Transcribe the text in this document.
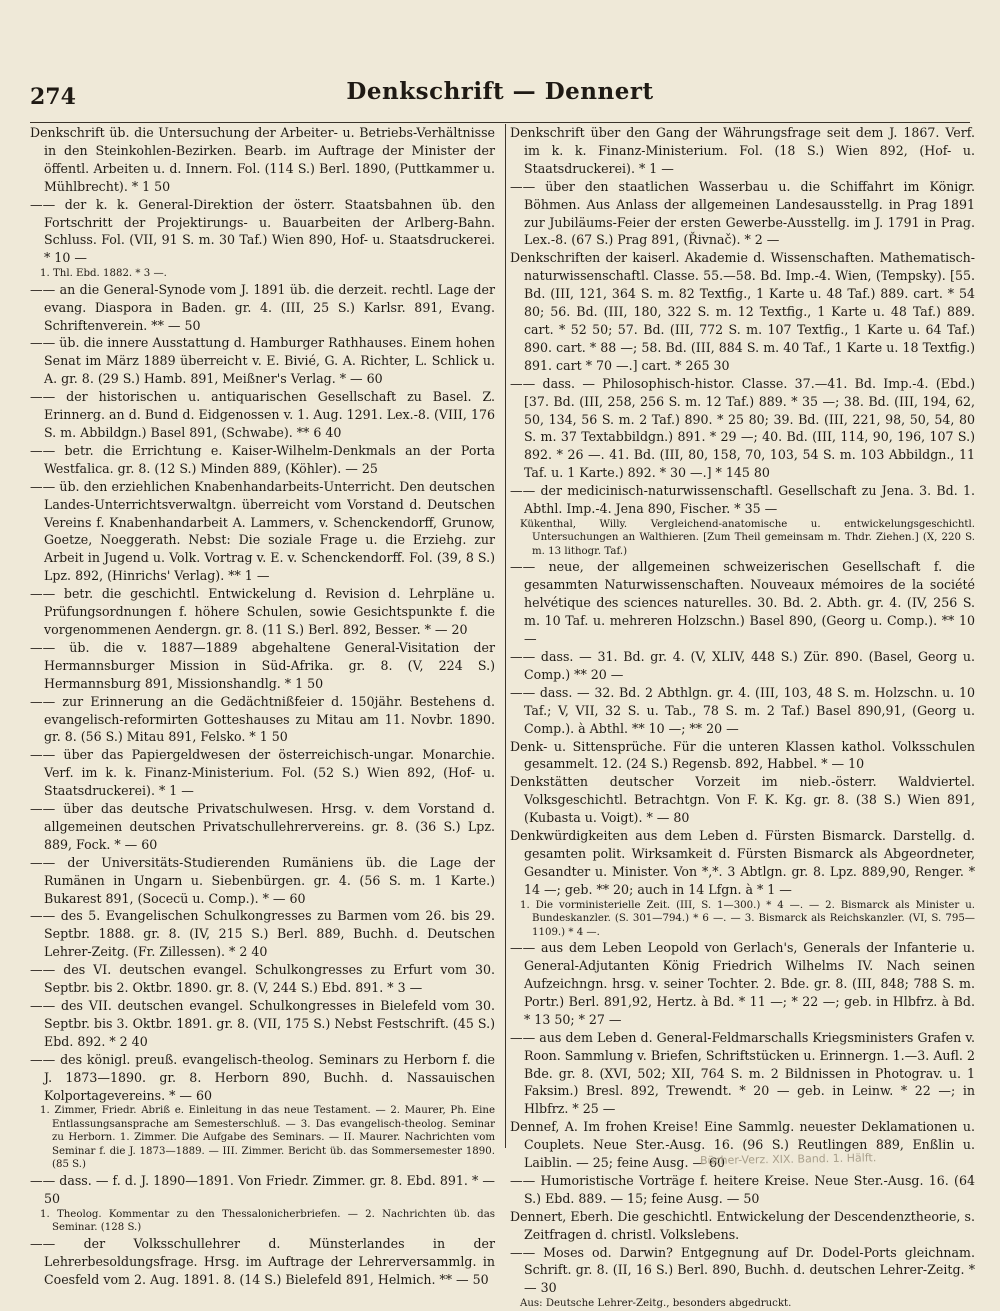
274	Denkschrift — Dennert

Denkschrift üb. die Untersuchung der Arbeiter- u. Betriebs-Verhältnisse in den Steinkohlen-Bezirken. Bearb. im Auftrage der Minister der öffentl. Arbeiten u. d. Innern. Fol. (114 S.) Berl. 1890, (Puttkammer u. Mühlbrecht). * 1 50

—— der k. k. General-Direktion der österr. Staatsbahnen üb. den Fortschritt der Projektirungs- u. Bauarbeiten der Arlberg-Bahn. Schluss. Fol. (VII, 91 S. m. 30 Taf.) Wien 890, Hof- u. Staatsdruckerei. * 10 —

1. Thl. Ebd. 1882. * 3 —.

—— an die General-Synode vom J. 1891 üb. die derzeit. rechtl. Lage der evang. Diaspora in Baden. gr. 4. (III, 25 S.) Karlsr. 891, Evang. Schriftenverein. ** — 50

—— üb. die innere Ausstattung d. Hamburger Rathhauses. Einem hohen Senat im März 1889 überreicht v. E. Bivié, G. A. Richter, L. Schlick u. A. gr. 8. (29 S.) Hamb. 891, Meißner's Verlag. * — 60

—— der historischen u. antiquarischen Gesellschaft zu Basel. Z. Erinnerg. an d. Bund d. Eidgenossen v. 1. Aug. 1291. Lex.-8. (VIII, 176 S. m. Abbildgn.) Basel 891, (Schwabe). ** 6 40

—— betr. die Errichtung e. Kaiser-Wilhelm-Denkmals an der Porta Westfalica. gr. 8. (12 S.) Minden 889, (Köhler). — 25

—— üb. den erziehlichen Knabenhandarbeits-Unterricht. Den deutschen Landes-Unterrichtsverwaltgn. überreicht vom Vorstand d. Deutschen Vereins f. Knabenhandarbeit A. Lammers, v. Schenckendorff, Grunow, Goetze, Noeggerath. Nebst: Die soziale Frage u. die Erziehg. zur Arbeit in Jugend u. Volk. Vortrag v. E. v. Schenckendorff. Fol. (39, 8 S.) Lpz. 892, (Hinrichs' Verlag). ** 1 —

—— betr. die geschichtl. Entwickelung d. Revision d. Lehrpläne u. Prüfungsordnungen f. höhere Schulen, sowie Gesichtspunkte f. die vorgenommenen Aendergn. gr. 8. (11 S.) Berl. 892, Besser. * — 20

—— üb. die v. 1887—1889 abgehaltene General-Visitation der Hermannsburger Mission in Süd-Afrika. gr. 8. (V, 224 S.) Hermannsburg 891, Missionshandlg. * 1 50

—— zur Erinnerung an die Gedächtnißfeier d. 150jähr. Bestehens d. evangelisch-reformirten Gotteshauses zu Mitau am 11. Novbr. 1890. gr. 8. (56 S.) Mitau 891, Felsko. * 1 50

—— über das Papiergeldwesen der österreichisch-ungar. Monarchie. Verf. im k. k. Finanz-Ministerium. Fol. (52 S.) Wien 892, (Hof- u. Staatsdruckerei). * 1 —

—— über das deutsche Privatschulwesen. Hrsg. v. dem Vorstand d. allgemeinen deutschen Privatschullehrervereins. gr. 8. (36 S.) Lpz. 889, Fock. * — 60

—— der Universitäts-Studierenden Rumäniens üb. die Lage der Rumänen in Ungarn u. Siebenbürgen. gr. 4. (56 S. m. 1 Karte.) Bukarest 891, (Socecü u. Comp.). * — 60

—— des 5. Evangelischen Schulkongresses zu Barmen vom 26. bis 29. Septbr. 1888. gr. 8. (IV, 215 S.) Berl. 889, Buchh. d. Deutschen Lehrer-Zeitg. (Fr. Zillessen). * 2 40

—— des VI. deutschen evangel. Schulkongresses zu Erfurt vom 30. Septbr. bis 2. Oktbr. 1890. gr. 8. (V, 244 S.) Ebd. 891. * 3 —

—— des VII. deutschen evangel. Schulkongresses in Bielefeld vom 30. Septbr. bis 3. Oktbr. 1891. gr. 8. (VII, 175 S.) Nebst Festschrift. (45 S.) Ebd. 892. * 2 40

—— des königl. preuß. evangelisch-theolog. Seminars zu Herborn f. die J. 1873—1890. gr. 8. Herborn 890, Buchh. d. Nassauischen Kolportagevereins. * — 60

1. Zimmer, Friedr. Abriß e. Einleitung in das neue Testament. — 2. Maurer, Ph. Eine Entlassungsansprache am Semesterschluß. — 3. Das evangelisch-theolog. Seminar zu Herborn. 1. Zimmer. Die Aufgabe des Seminars. — II. Maurer. Nachrichten vom Seminar f. die J. 1873—1889. — III. Zimmer. Bericht üb. das Sommersemester 1890. (85 S.)

—— dass. — f. d. J. 1890—1891. Von Friedr. Zimmer. gr. 8. Ebd. 891. * — 50

1. Theolog. Kommentar zu den Thessalonicherbriefen. — 2. Nachrichten üb. das Seminar. (128 S.)

—— der Volksschullehrer d. Münsterlandes in der Lehrerbesoldungsfrage. Hrsg. im Auftrage der Lehrerversammlg. in Coesfeld vom 2. Aug. 1891. 8. (14 S.) Bielefeld 891, Helmich. ** — 50

Denkschrift über den Gang der Währungsfrage seit dem J. 1867. Verf. im k. k. Finanz-Ministerium. Fol. (18 S.) Wien 892, (Hof- u. Staatsdruckerei). * 1 —

—— über den staatlichen Wasserbau u. die Schiffahrt im Königr. Böhmen. Aus Anlass der allgemeinen Landesausstellg. in Prag 1891 zur Jubiläums-Feier der ersten Gewerbe-Ausstellg. im J. 1791 in Prag. Lex.-8. (67 S.) Prag 891, (Řivnač). * 2 —

Denkschriften der kaiserl. Akademie d. Wissenschaften. Mathematisch-naturwissenschaftl. Classe. 55.—58. Bd. Imp.-4. Wien, (Tempsky). [55. Bd. (III, 121, 364 S. m. 82 Textfig., 1 Karte u. 48 Taf.) 889. cart. * 54 80; 56. Bd. (III, 180, 322 S. m. 12 Textfig., 1 Karte u. 48 Taf.) 889. cart. * 52 50; 57. Bd. (III, 772 S. m. 107 Textfig., 1 Karte u. 64 Taf.) 890. cart. * 88 —; 58. Bd. (III, 884 S. m. 40 Taf., 1 Karte u. 18 Textfig.) 891. cart * 70 —.] cart. * 265 30

—— dass. — Philosophisch-histor. Classe. 37.—41. Bd. Imp.-4. (Ebd.) [37. Bd. (III, 258, 256 S. m. 12 Taf.) 889. * 35 —; 38. Bd. (III, 194, 62, 50, 134, 56 S. m. 2 Taf.) 890. * 25 80; 39. Bd. (III, 221, 98, 50, 54, 80 S. m. 37 Textabbildgn.) 891. * 29 —; 40. Bd. (III, 114, 90, 196, 107 S.) 892. * 26 —. 41. Bd. (III, 80, 158, 70, 103, 54 S. m. 103 Abbildgn., 11 Taf. u. 1 Karte.) 892. * 30 —.] * 145 80

—— der medicinisch-naturwissenschaftl. Gesellschaft zu Jena. 3. Bd. 1. Abthl. Imp.-4. Jena 890, Fischer. * 35 —

Kükenthal, Willy. Vergleichend-anatomische u. entwickelungsgeschichtl. Untersuchungen an Walthieren. [Zum Theil gemeinsam m. Thdr. Ziehen.] (X, 220 S. m. 13 lithogr. Taf.)

—— neue, der allgemeinen schweizerischen Gesellschaft f. die gesammten Naturwissenschaften. Nouveaux mémoires de la société helvétique des sciences naturelles. 30. Bd. 2. Abth. gr. 4. (IV, 256 S. m. 10 Taf. u. mehreren Holzschn.) Basel 890, (Georg u. Comp.). ** 10 —

—— dass. — 31. Bd. gr. 4. (V, XLIV, 448 S.) Zür. 890. (Basel, Georg u. Comp.) ** 20 —

—— dass. — 32. Bd. 2 Abthlgn. gr. 4. (III, 103, 48 S. m. Holzschn. u. 10 Taf.; V, VII, 32 S. u. Tab., 78 S. m. 2 Taf.) Basel 890,91, (Georg u. Comp.). à Abthl. ** 10 —; ** 20 —

Denk- u. Sittensprüche. Für die unteren Klassen kathol. Volksschulen gesammelt. 12. (24 S.) Regensb. 892, Habbel. * — 10

Denkstätten deutscher Vorzeit im nieb.-österr. Waldviertel. Volksgeschichtl. Betrachtgn. Von F. K. Kg. gr. 8. (38 S.) Wien 891, (Kubasta u. Voigt). * — 80

Denkwürdigkeiten aus dem Leben d. Fürsten Bismarck. Darstellg. d. gesamten polit. Wirksamkeit d. Fürsten Bismarck als Abgeordneter, Gesandter u. Minister. Von *,*. 3 Abtlgn. gr. 8. Lpz. 889,90, Renger. * 14 —; geb. ** 20; auch in 14 Lfgn. à * 1 —

1. Die vorministerielle Zeit. (III, S. 1—300.) * 4 —. — 2. Bismarck als Minister u. Bundeskanzler. (S. 301—794.) * 6 —. — 3. Bismarck als Reichskanzler. (VI, S. 795—1109.) * 4 —.

—— aus dem Leben Leopold von Gerlach's, Generals der Infanterie u. General-Adjutanten König Friedrich Wilhelms IV. Nach seinen Aufzeichngn. hrsg. v. seiner Tochter. 2. Bde. gr. 8. (III, 848; 788 S. m. Portr.) Berl. 891,92, Hertz. à Bd. * 11 —; * 22 —; geb. in Hlbfrz. à Bd. * 13 50; * 27 —

—— aus dem Leben d. General-Feldmarschalls Kriegsministers Grafen v. Roon. Sammlung v. Briefen, Schriftstücken u. Erinnergn. 1.—3. Aufl. 2 Bde. gr. 8. (XVI, 502; XII, 764 S. m. 2 Bildnissen in Photograv. u. 1 Faksim.) Bresl. 892, Trewendt. * 20 — geb. in Leinw. * 22 —; in Hlbfrz. * 25 —

Dennef, A. Im frohen Kreise! Eine Sammlg. neuester Deklamationen u. Couplets. Neue Ster.-Ausg. 16. (96 S.) Reutlingen 889, Enßlin u. Laiblin. — 25; feine Ausg. — 60

—— Humoristische Vorträge f. heitere Kreise. Neue Ster.-Ausg. 16. (64 S.) Ebd. 889. — 15; feine Ausg. — 50

Dennert, Eberh. Die geschichtl. Entwickelung der Descendenztheorie, s. Zeitfragen d. christl. Volkslebens.

—— Moses od. Darwin? Entgegnung auf Dr. Dodel-Ports gleichnam. Schrift. gr. 8. (II, 16 S.) Berl. 890, Buchh. d. deutschen Lehrer-Zeitg. * — 30

Aus: Deutsche Lehrer-Zeitg., besonders abgedruckt.

Bücher-Verz. XIX. Band. 1. Hälft.
